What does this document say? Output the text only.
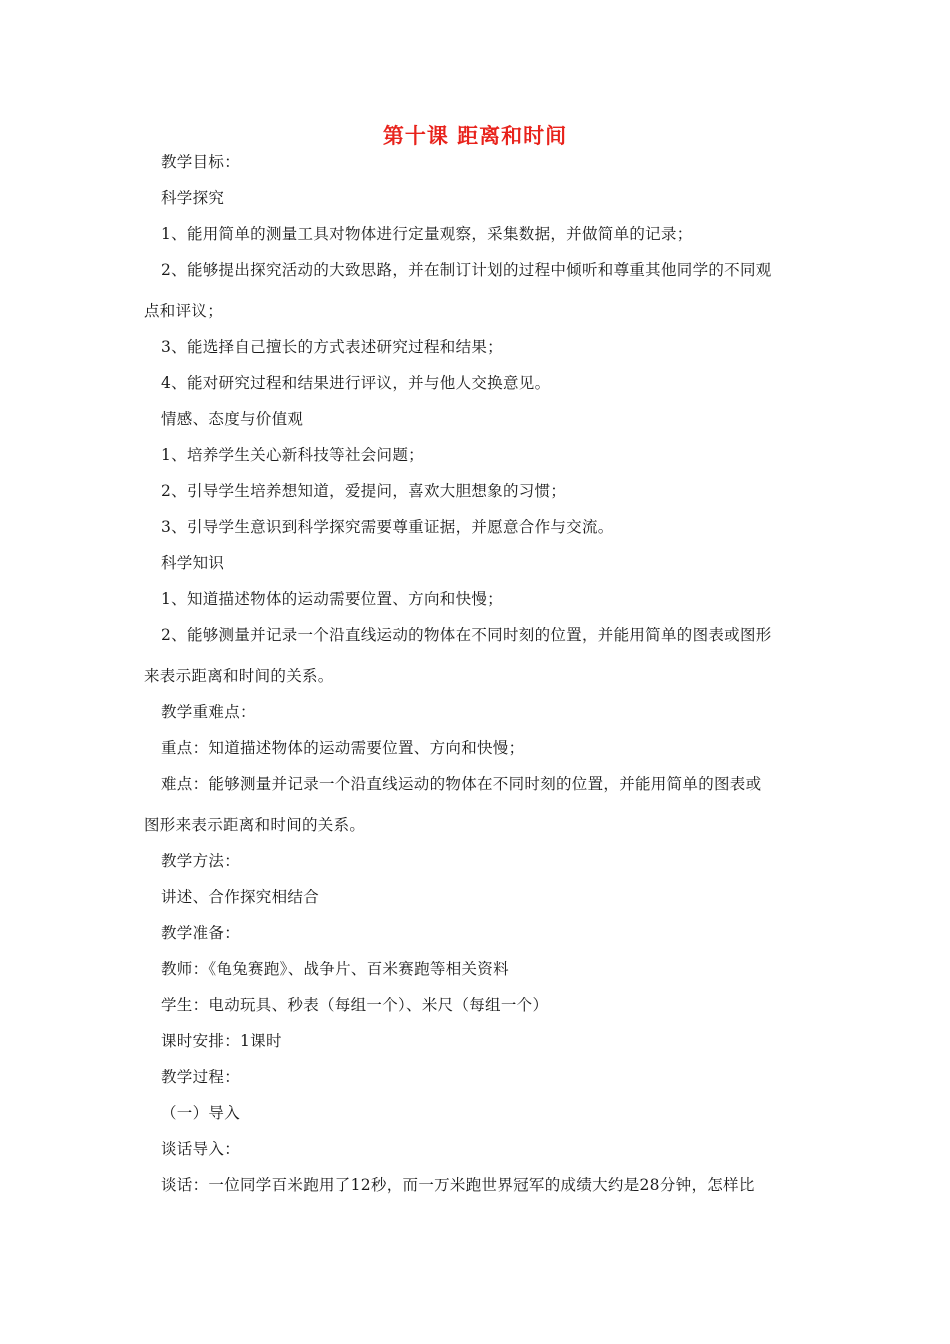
第十课 距离和时间
教学目标：
科学探究
1、能用简单的测量工具对物体进行定量观察，采集数据，并做简单的记录；
2、能够提出探究活动的大致思路，并在制订计划的过程中倾听和尊重其他同学的不同观
点和评议；
3、能选择自己擅长的方式表述研究过程和结果；
4、能对研究过程和结果进行评议，并与他人交换意见。
情感、态度与价值观
1、培养学生关心新科技等社会问题；
2、引导学生培养想知道，爱提问，喜欢大胆想象的习惯；
3、引导学生意识到科学探究需要尊重证据，并愿意合作与交流。
科学知识
1、知道描述物体的运动需要位置、方向和快慢；
2、能够测量并记录一个沿直线运动的物体在不同时刻的位置，并能用简单的图表或图形
来表示距离和时间的关系。
教学重难点：
重点：知道描述物体的运动需要位置、方向和快慢；
难点：能够测量并记录一个沿直线运动的物体在不同时刻的位置，并能用简单的图表或
图形来表示距离和时间的关系。
教学方法：
讲述、合作探究相结合
教学准备：
教师：《龟兔赛跑》、战争片、百米赛跑等相关资料
学生：电动玩具、秒表（每组一个）、米尺（每组一个）
课时安排：1课时
教学过程：
（一）导入
谈话导入：
谈话：一位同学百米跑用了12秒，而一万米跑世界冠军的成绩大约是28分钟，怎样比
